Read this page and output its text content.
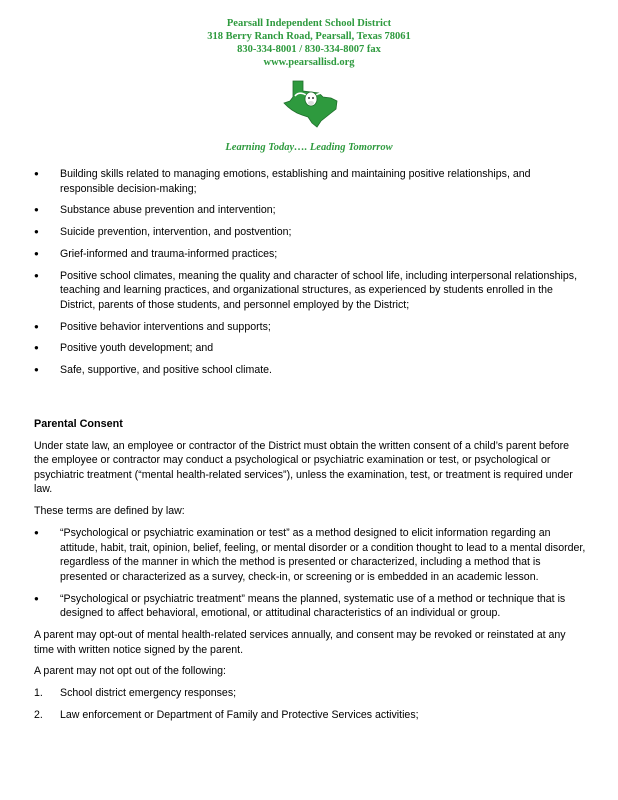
Pearsall Independent School District
318 Berry Ranch Road, Pearsall, Texas 78061
830-334-8001 / 830-334-8007 fax
www.pearsallisd.org
Learning Today…. Leading Tomorrow
● Building skills related to managing emotions, establishing and maintaining positive relationships, and responsible decision-making;
● Substance abuse prevention and intervention;
● Suicide prevention, intervention, and postvention;
● Grief-informed and trauma-informed practices;
● Positive school climates, meaning the quality and character of school life, including interpersonal relationships, teaching and learning practices, and organizational structures, as experienced by students enrolled in the District, parents of those students, and personnel employed by the District;
● Positive behavior interventions and supports;
● Positive youth development; and
● Safe, supportive, and positive school climate.
Parental Consent

Under state law, an employee or contractor of the District must obtain the written consent of a child’s parent before the employee or contractor may conduct a psychological or psychiatric examination or test, or psychological or psychiatric treatment (“mental health-related services”), unless the examination, test, or treatment is required under law.

These terms are defined by law:

● “Psychological or psychiatric examination or test” as a method designed to elicit information regarding an attitude, habit, trait, opinion, belief, feeling, or mental disorder or a condition thought to lead to a mental disorder, regardless of the manner in which the method is presented or characterized, including a method that is presented or characterized as a survey, check-in, or screening or is embedded in an academic lesson.
● “Psychological or psychiatric treatment” means the planned, systematic use of a method or technique that is designed to affect behavioral, emotional, or attitudinal characteristics of an individual or group.

A parent may opt-out of mental health-related services annually, and consent may be revoked or reinstated at any time with written notice signed by the parent.

A parent may not opt out of the following:

1. School district emergency responses;
2. Law enforcement or Department of Family and Protective Services activities;
